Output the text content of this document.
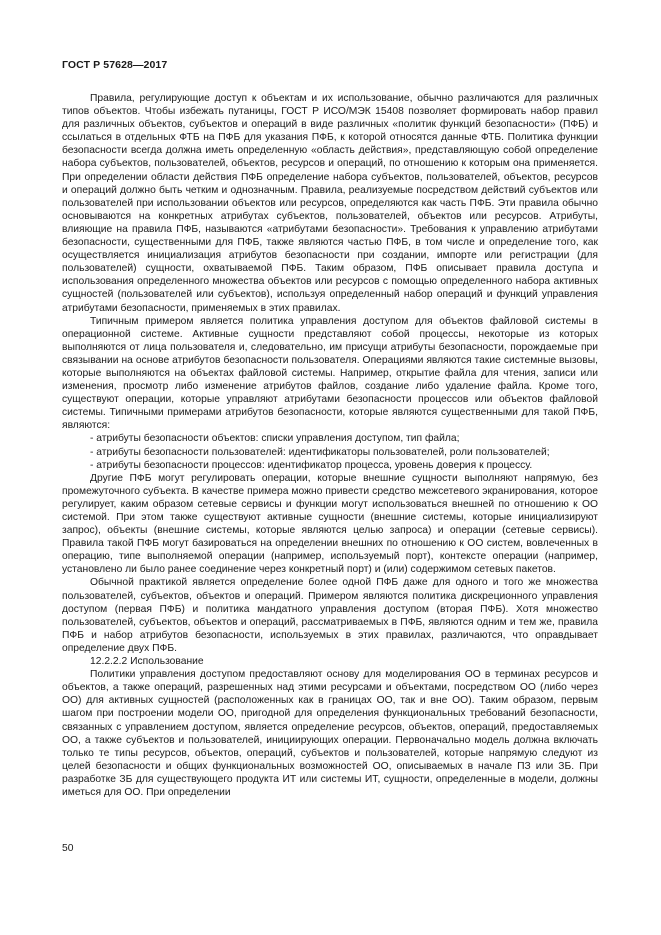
ГОСТ Р 57628—2017

Правила, регулирующие доступ к объектам и их использование, обычно различаются для различных типов объектов. Чтобы избежать путаницы, ГОСТ Р ИСО/МЭК 15408 позволяет формировать набор правил для различных объектов, субъектов и операций в виде различных «политик функций безопасности» (ПФБ) и ссылаться в отдельных ФТБ на ПФБ для указания ПФБ, к которой относятся данные ФТБ. Политика функции безопасности всегда должна иметь определенную «область действия», представляющую собой определение набора субъектов, пользователей, объектов, ресурсов и операций, по отношению к которым она применяется. При определении области действия ПФБ определение набора субъектов, пользователей, объектов, ресурсов и операций должно быть четким и однозначным. Правила, реализуемые посредством действий субъектов или пользователей при использовании объектов или ресурсов, определяются как часть ПФБ. Эти правила обычно основываются на конкретных атрибутах субъектов, пользователей, объектов или ресурсов. Атрибуты, влияющие на правила ПФБ, называются «атрибутами безопасности». Требования к управлению атрибутами безопасности, существенными для ПФБ, также являются частью ПФБ, в том числе и определение того, как осуществляется инициализация атрибутов безопасности при создании, импорте или регистрации (для пользователей) сущности, охватываемой ПФБ. Таким образом, ПФБ описывает правила доступа и использования определенного множества объектов или ресурсов с помощью определенного набора активных сущностей (пользователей или субъектов), используя определенный набор операций и функций управления атрибутами безопасности, применяемых в этих правилах.

Типичным примером является политика управления доступом для объектов файловой системы в операционной системе. Активные сущности представляют собой процессы, некоторые из которых выполняются от лица пользователя и, следовательно, им присущи атрибуты безопасности, порождаемые при связывании на основе атрибутов безопасности пользователя. Операциями являются такие системные вызовы, которые выполняются на объектах файловой системы. Например, открытие файла для чтения, записи или изменения, просмотр либо изменение атрибутов файлов, создание либо удаление файла. Кроме того, существуют операции, которые управляют атрибутами безопасности процессов или объектов файловой системы. Типичными примерами атрибутов безопасности, которые являются существенными для такой ПФБ, являются:

- атрибуты безопасности объектов: списки управления доступом, тип файла;

- атрибуты безопасности пользователей: идентификаторы пользователей, роли пользователей;

- атрибуты безопасности процессов: идентификатор процесса, уровень доверия к процессу.

Другие ПФБ могут регулировать операции, которые внешние сущности выполняют напрямую, без промежуточного субъекта. В качестве примера можно привести средство межсетевого экранирования, которое регулирует, каким образом сетевые сервисы и функции могут использоваться внешней по отношению к ОО системой. При этом также существуют активные сущности (внешние системы, которые инициализируют запрос), объекты (внешние системы, которые являются целью запроса) и операции (сетевые сервисы). Правила такой ПФБ могут базироваться на определении внешних по отношению к ОО систем, вовлеченных в операцию, типе выполняемой операции (например, используемый порт), контексте операции (например, установлено ли было ранее соединение через конкретный порт) и (или) содержимом сетевых пакетов.

Обычной практикой является определение более одной ПФБ даже для одного и того же множества пользователей, субъектов, объектов и операций. Примером являются политика дискреционного управления доступом (первая ПФБ) и политика мандатного управления доступом (вторая ПФБ). Хотя множество пользователей, субъектов, объектов и операций, рассматриваемых в ПФБ, являются одним и тем же, правила ПФБ и набор атрибутов безопасности, используемых в этих правилах, различаются, что оправдывает определение двух ПФБ.

12.2.2.2 Использование

Политики управления доступом предоставляют основу для моделирования ОО в терминах ресурсов и объектов, а также операций, разрешенных над этими ресурсами и объектами, посредством ОО (либо через ОО) для активных сущностей (расположенных как в границах ОО, так и вне ОО). Таким образом, первым шагом при построении модели ОО, пригодной для определения функциональных требований безопасности, связанных с управлением доступом, является определение ресурсов, объектов, операций, предоставляемых ОО, а также субъектов и пользователей, инициирующих операции. Первоначально модель должна включать только те типы ресурсов, объектов, операций, субъектов и пользователей, которые напрямую следуют из целей безопасности и общих функциональных возможностей ОО, описываемых в начале ПЗ или ЗБ. При разработке ЗБ для существующего продукта ИТ или системы ИТ, сущности, определенные в модели, должны иметься для ОО. При определении

50
